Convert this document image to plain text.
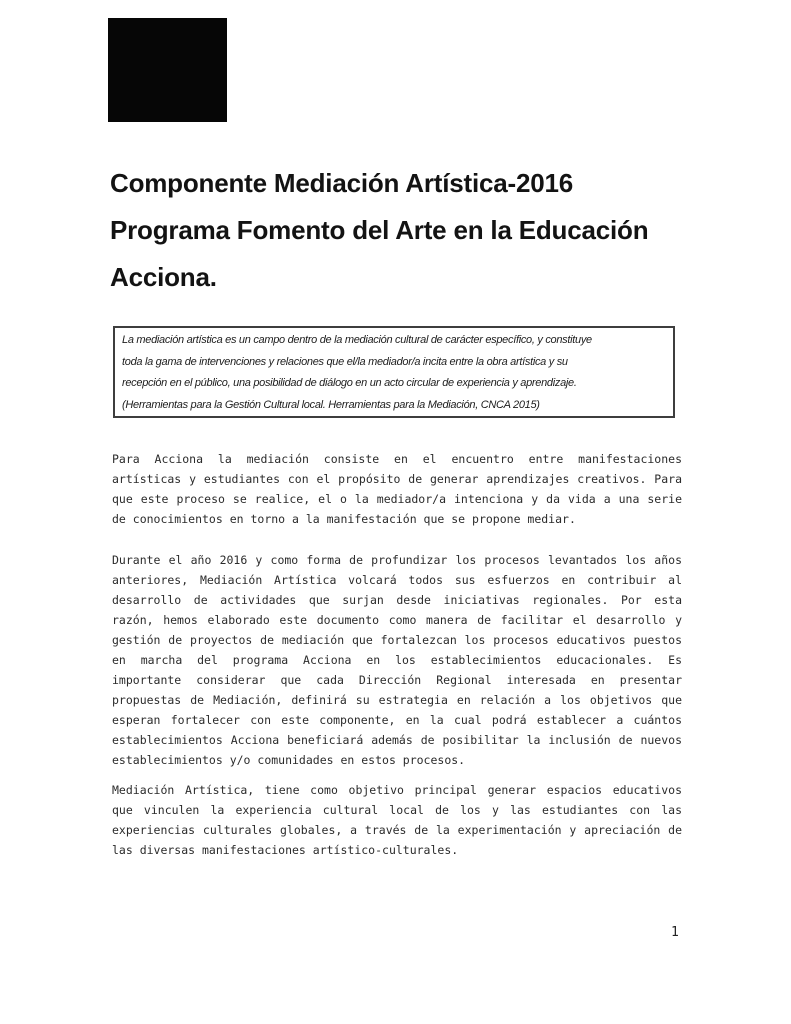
Componente Mediación Artística-2016
Programa Fomento del Arte en la Educación
Acciona.
La mediación artística es un campo dentro de la mediación cultural de carácter específico, y constituye
toda la gama de intervenciones y relaciones que el/la mediador/a incita entre la obra artística y su
recepción en el público, una posibilidad de diálogo en un acto circular de experiencia y aprendizaje.
(Herramientas para la Gestión Cultural local. Herramientas para la Mediación, CNCA 2015)
Para Acciona la mediación consiste en el encuentro entre manifestaciones
artísticas y estudiantes con el propósito de generar aprendizajes creativos. Para
que este proceso se realice, el o la mediador/a intenciona y da vida a una serie
de conocimientos en torno a la manifestación que se propone mediar.
Durante el año 2016 y como forma de profundizar los procesos levantados los años
anteriores, Mediación Artística volcará todos sus esfuerzos en contribuir al
desarrollo de actividades que surjan desde iniciativas regionales. Por esta
razón, hemos elaborado este documento como manera de facilitar el desarrollo y
gestión de proyectos de mediación que fortalezcan los procesos educativos puestos
en marcha del programa Acciona en los establecimientos educacionales. Es
importante considerar que cada Dirección Regional interesada en presentar
propuestas de Mediación, definirá su estrategia en relación a los objetivos que
esperan fortalecer con este componente, en la cual podrá establecer a cuántos
establecimientos Acciona beneficiará además de posibilitar la inclusión de nuevos
establecimientos y/o comunidades en estos procesos.
Mediación Artística, tiene como objetivo principal generar espacios educativos
que vinculen la experiencia cultural local de los y las estudiantes con las
experiencias culturales globales, a través de la experimentación y apreciación de
las diversas manifestaciones artístico-culturales.
1
